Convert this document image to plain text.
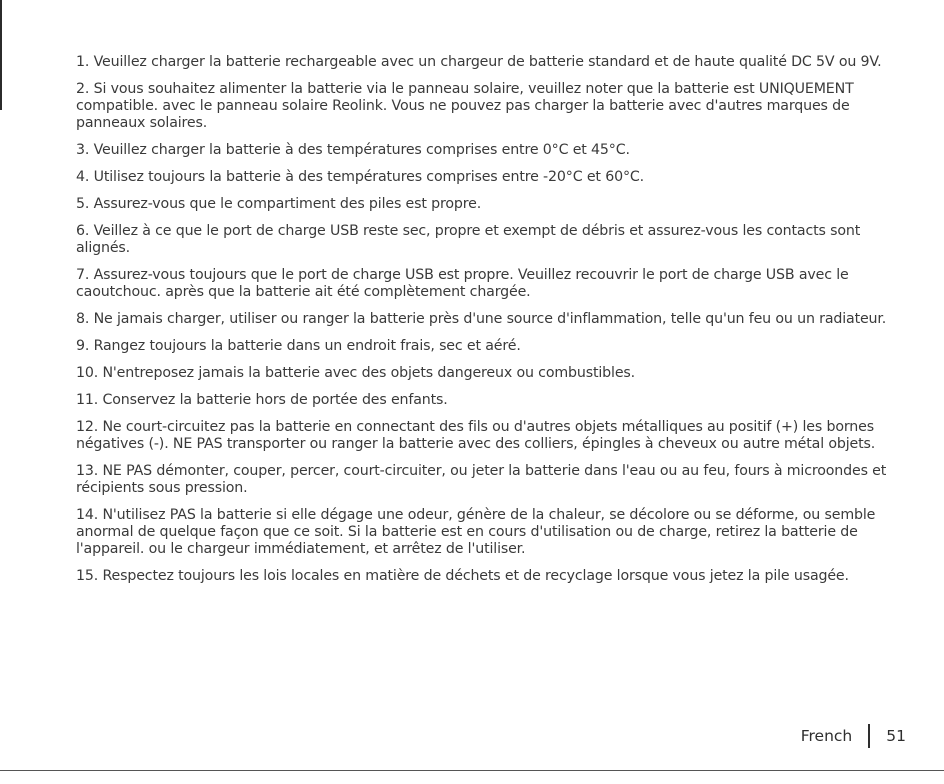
1. Veuillez charger la batterie rechargeable avec un chargeur de batterie standard et de haute qualité DC 5V ou 9V.
2. Si vous souhaitez alimenter la batterie via le panneau solaire, veuillez noter que la batterie est UNIQUEMENT compatible. avec le panneau solaire Reolink. Vous ne pouvez pas charger la batterie avec d'autres marques de panneaux solaires.
3. Veuillez charger la batterie à des températures comprises entre 0°C et 45°C.
4. Utilisez toujours la batterie à des températures comprises entre -20°C et 60°C.
5. Assurez-vous que le compartiment des piles est propre.
6. Veillez à ce que le port de charge USB reste sec, propre et exempt de débris et assurez-vous les contacts sont alignés.
7. Assurez-vous toujours que le port de charge USB est propre. Veuillez recouvrir le port de charge USB avec le caoutchouc. après que la batterie ait été complètement chargée.
8. Ne jamais charger, utiliser ou ranger la batterie près d'une source d'inflammation, telle qu'un feu ou un radiateur.
9. Rangez toujours la batterie dans un endroit frais, sec et aéré.
10. N'entreposez jamais la batterie avec des objets dangereux ou combustibles.
11. Conservez la batterie hors de portée des enfants.
12. Ne court-circuitez pas la batterie en connectant des fils ou d'autres objets métalliques au positif (+) les bornes négatives (-). NE PAS transporter ou ranger la batterie avec des colliers, épingles à cheveux ou autre métal objets.
13. NE PAS démonter, couper, percer, court-circuiter, ou jeter la batterie dans l'eau ou au feu, fours à microondes et récipients sous pression.
14. N'utilisez PAS la batterie si elle dégage une odeur, génère de la chaleur, se décolore ou se déforme, ou semble anormal de quelque façon que ce soit. Si la batterie est en cours d'utilisation ou de charge, retirez la batterie de l'appareil. ou le chargeur immédiatement, et arrêtez de l'utiliser.
15. Respectez toujours les lois locales en matière de déchets et de recyclage lorsque vous jetez la pile usagée.
French 51
